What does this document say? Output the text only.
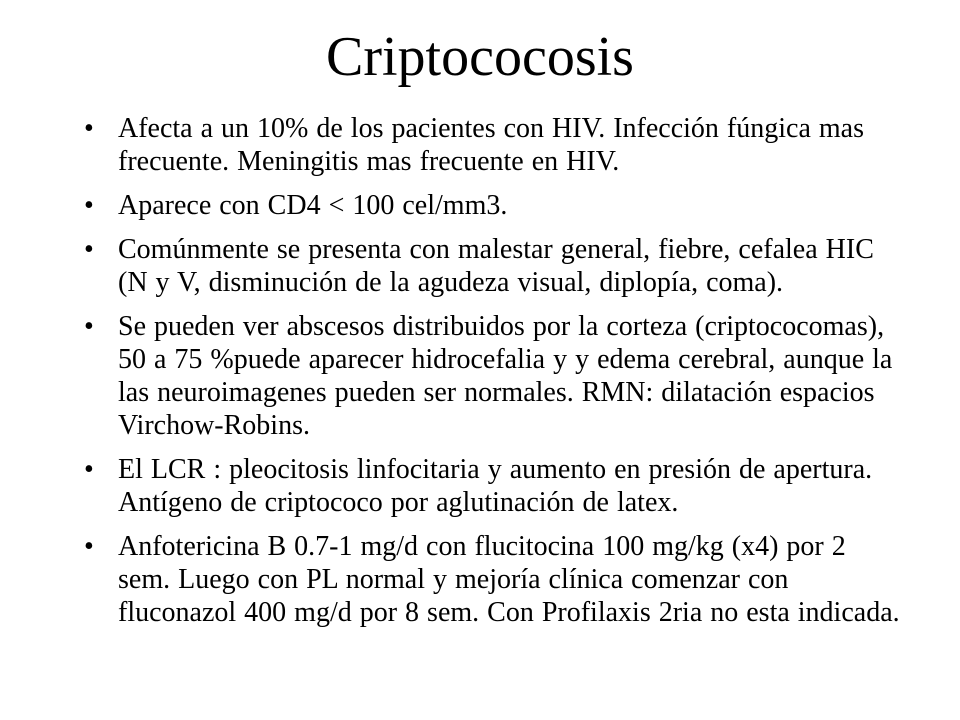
Criptococosis
• Afecta a un 10% de los pacientes con HIV. Infección fúngica mas frecuente. Meningitis mas frecuente en HIV.
• Aparece con CD4 < 100 cel/mm3.
• Comúnmente se presenta con malestar general, fiebre, cefalea HIC (N y V, disminución de la agudeza visual, diplopía, coma).
• Se pueden ver abscesos distribuidos por la corteza (criptococomas), 50 a 75 %puede aparecer hidrocefalia y y edema cerebral, aunque la las neuroimagenes pueden ser normales. RMN: dilatación espacios Virchow-Robins.
• El LCR : pleocitosis linfocitaria y aumento en presión de apertura. Antígeno de criptococo por aglutinación de latex.
• Anfotericina B 0.7-1 mg/d con flucitocina 100 mg/kg (x4) por 2 sem. Luego con PL normal y mejoría clínica comenzar con fluconazol 400 mg/d por 8 sem. Con Profilaxis 2ria no esta indicada.
